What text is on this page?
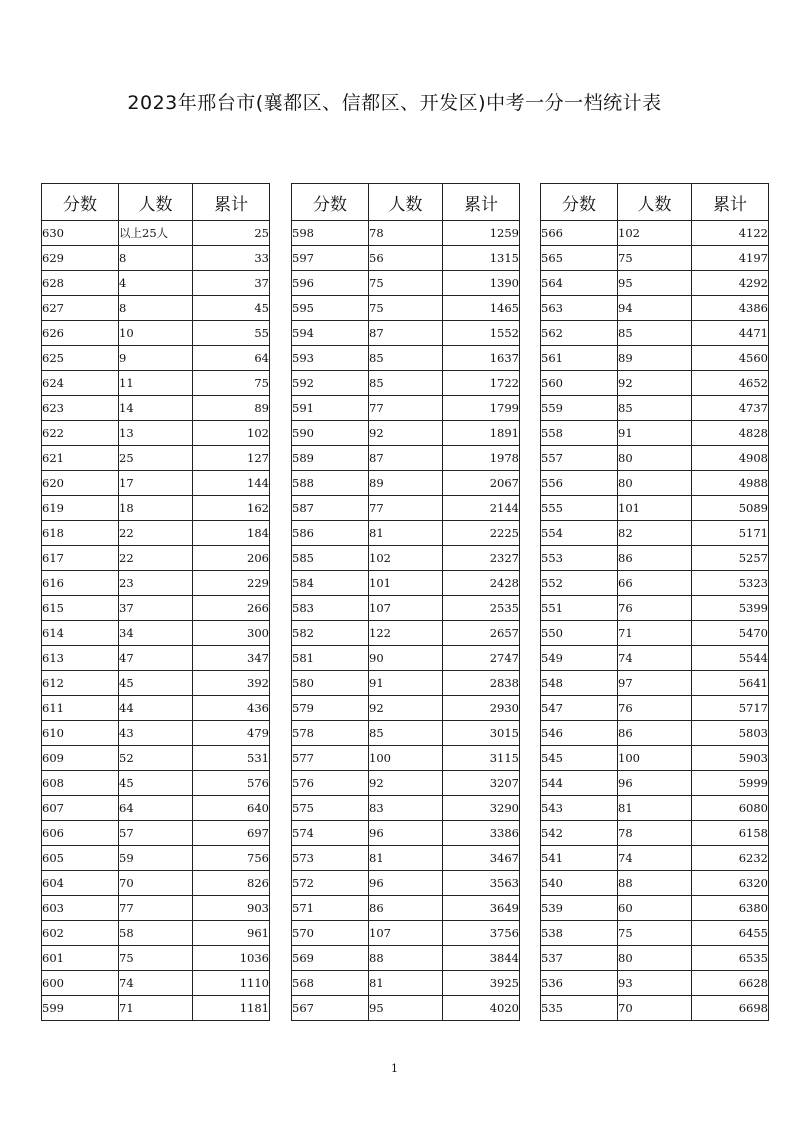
2023年邢台市(襄都区、信都区、开发区)中考一分一档统计表
分数	人数	累计
630	以上25人	25
629	8	33
628	4	37
627	8	45
626	10	55
625	9	64
624	11	75
623	14	89
622	13	102
621	25	127
620	17	144
619	18	162
618	22	184
617	22	206
616	23	229
615	37	266
614	34	300
613	47	347
612	45	392
611	44	436
610	43	479
609	52	531
608	45	576
607	64	640
606	57	697
605	59	756
604	70	826
603	77	903
602	58	961
601	75	1036
600	74	1110
599	71	1181
分数	人数	累计
598	78	1259
597	56	1315
596	75	1390
595	75	1465
594	87	1552
593	85	1637
592	85	1722
591	77	1799
590	92	1891
589	87	1978
588	89	2067
587	77	2144
586	81	2225
585	102	2327
584	101	2428
583	107	2535
582	122	2657
581	90	2747
580	91	2838
579	92	2930
578	85	3015
577	100	3115
576	92	3207
575	83	3290
574	96	3386
573	81	3467
572	96	3563
571	86	3649
570	107	3756
569	88	3844
568	81	3925
567	95	4020
分数	人数	累计
566	102	4122
565	75	4197
564	95	4292
563	94	4386
562	85	4471
561	89	4560
560	92	4652
559	85	4737
558	91	4828
557	80	4908
556	80	4988
555	101	5089
554	82	5171
553	86	5257
552	66	5323
551	76	5399
550	71	5470
549	74	5544
548	97	5641
547	76	5717
546	86	5803
545	100	5903
544	96	5999
543	81	6080
542	78	6158
541	74	6232
540	88	6320
539	60	6380
538	75	6455
537	80	6535
536	93	6628
535	70	6698
1
